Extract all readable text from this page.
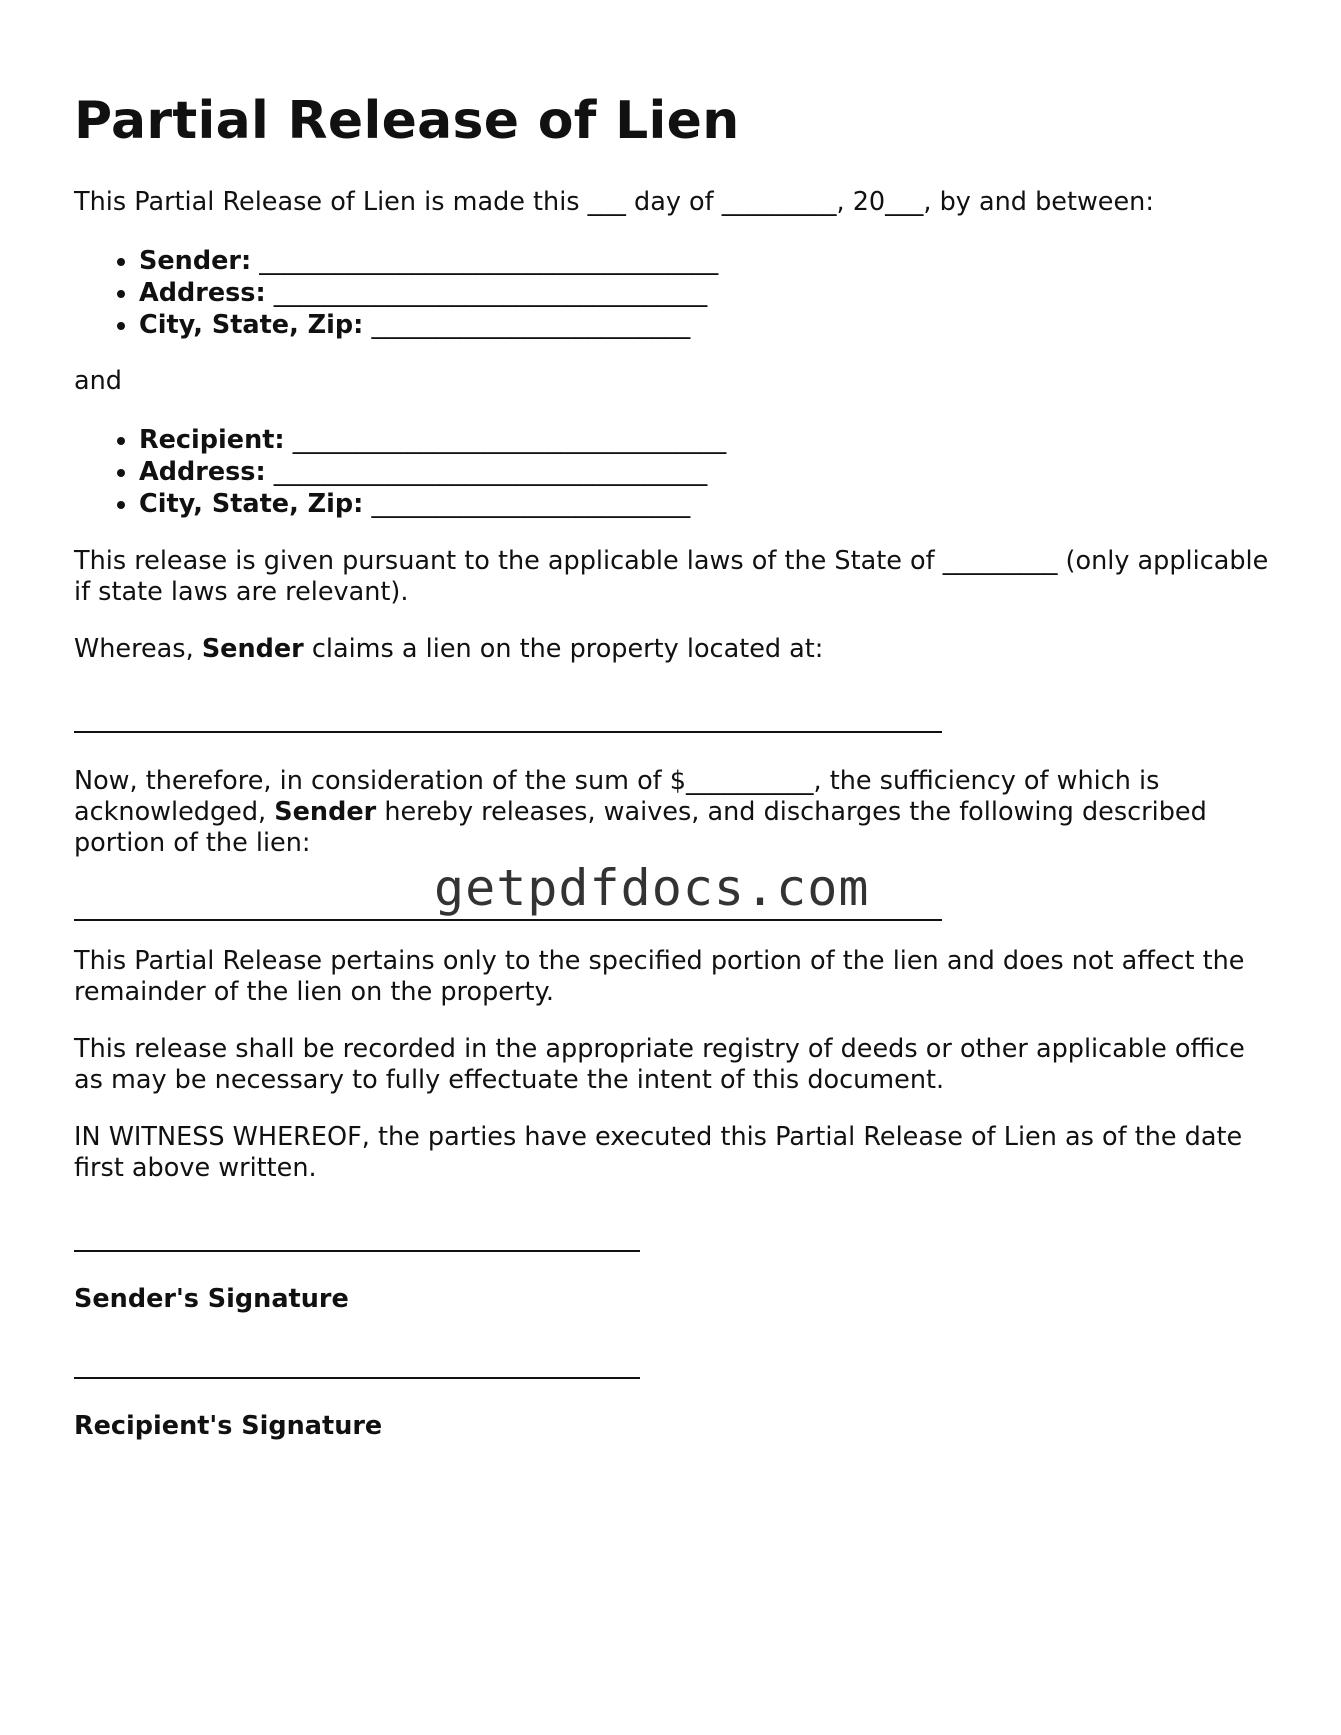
Partial Release of Lien

This Partial Release of Lien is made this ___ day of _________, 20___, by and between:

• Sender: ____________________________________
• Address: __________________________________
• City, State, Zip: _________________________

and

• Recipient: __________________________________
• Address: __________________________________
• City, State, Zip: _________________________

This release is given pursuant to the applicable laws of the State of _________ (only applicable if state laws are relevant).

Whereas, Sender claims a lien on the property located at:

Now, therefore, in consideration of the sum of $__________, the sufficiency of which is acknowledged, Sender hereby releases, waives, and discharges the following described portion of the lien:

getpdfdocs.com

This Partial Release pertains only to the specified portion of the lien and does not affect the remainder of the lien on the property.

This release shall be recorded in the appropriate registry of deeds or other applicable office as may be necessary to fully effectuate the intent of this document.

IN WITNESS WHEREOF, the parties have executed this Partial Release of Lien as of the date first above written.

Sender's Signature
Recipient's Signature
